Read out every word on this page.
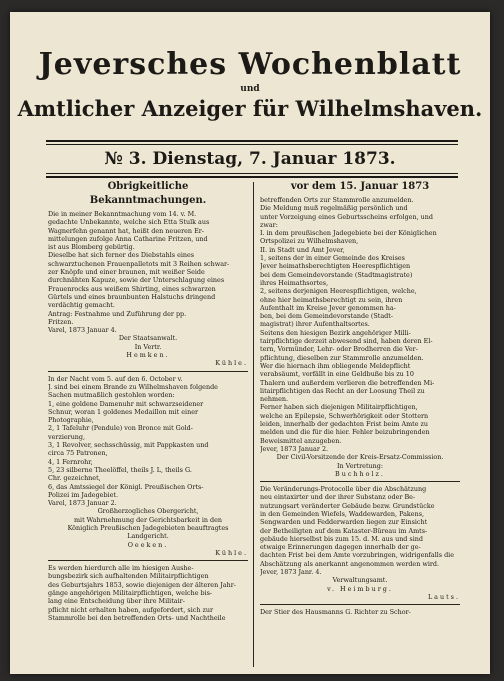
Jeversches Wochenblatt
und
Amtlicher Anzeiger für Wilhelmshaven.
№ 3. Dienstag, 7. Januar 1873.
Obrigkeitliche Bekanntmachungen.
Die in meiner Bekanntmachung vom 14. v. M.
gedachte Unbekannte, welche sich Etta Stulk aus
Wagnerfehn genannt hat, heißt den neueren Er-
mittelungen zufolge Anna Catharine Fritzen, und
ist aus Blomberg gebürtig.
Dieselbe hat sich ferner des Diebstahls eines
schwarztuchenen Frauenpalletots mit 3 Reihen schwar-
zer Knöpfe und einer braunen, mit weißer Seide
durchnähten Kapuze, sowie der Unterschlagung eines
Frauenrocks aus weißem Shirting, eines schwarzen
Gürtels und eines braunbunten Halstuchs dringend
verdächtig gemacht.
Antrag: Festnahme und Zuführung der pp.
Fritzen.
Varel, 1873 Januar 4.
Der Staatsanwalt.
In Vertr.
Hemken.
Kühle.
In der Nacht vom 5. auf den 6. October v.
J. sind bei einem Brande zu Wilhelmshaven folgende
Sachen mutmaßlich gestohlen worden:
1, eine goldene Damenuhr mit schwarzseidener
Schnur, woran 1 goldenes Medaillon mit einer
Photographie,
2, 1 Tafeluhr (Pendule) von Bronce mit Gold-
verzierung,
3, 1 Revolver, sechsschüssig, mit Pappkasten und
circa 75 Patronen,
4, 1 Fernrohr,
5, 23 silberne Theelöffel, theils J. L, theils G.
Chr. gezeichnet,
6, das Amtssiegel der Königl. Preußischen Orts-
Polizei im Jadegebiet.
Varel, 1873 Januar 2.
Großherzogliches Obergericht,
mit Wahrnehmung der Gerichtsbarkeit in den
Königlich Preußischen Jadegebieten beauftragtes
Landgericht.
Oeeken.
Kühle.
Es werden hierdurch alle im hiesigen Aushe-
bungsbezirk sich aufhaltenden Militairpflichtigen
des Geburtsjahrs 1853, sowie diejenigen der älteren Jahr-
gänge angehörigen Militairpflichtigen, welche bis-
lang eine Entscheidung über ihre Militair-
pflicht nicht erhalten haben, aufgefordert, sich zur
Stammrolle bei den betreffenden Orts- und Nachtheile
vor dem 15. Januar 1873
betreffenden Orts zur Stammrolle anzumelden.
Die Meldung muß regelmäßig persönlich und
unter Vorzeigung eines Geburtsscheins erfolgen, und
zwar:
I. in dem preußischen Jadegebiete bei der Königlichen
Ortspolizei zu Wilhelmshaven,
II. in Stadt und Amt Jever,
1, seitens der in einer Gemeinde des Kreises
Jever heimathsberechtigten Heerespflichtigen
bei dem Gemeindevorstande (Stadtmagistrate)
ihres Heimathsortes,
2, seitens derjenigen Heerespflichtigen, welche,
ohne hier heimathsberechtigt zu sein, ihren
Aufenthalt im Kreise Jever genommen ha-
ben, bei dem Gemeindevorstande (Stadt-
magistrat) ihrer Aufenthaltsortes.
Seitens den hiesigen Bezirk angehöriger Milli-
tairpflichtige derzeit abwesend sind, haben deren El-
tern, Vormünder, Lehr- oder Brodherren die Ver-
pflichtung, dieselben zur Stammrolle anzumelden.
Wer die hiernach ihm obliegende Meldepflicht
verabsäumt, verfällt in eine Geldbuße bis zu 10
Thalern und außerdem verlieren die betreffenden Mi-
litairpflichtigen das Recht an der Loosung Theil zu
nehmen.
Ferner haben sich diejenigen Militairpflichtigen,
welche an Epilepsie, Schwerhörigkeit oder Stottern
leiden, innerhalb der gedachten Frist beim Amte zu
melden und die für die hier. Fehler beizubringenden
Beweismittel anzugeben.
Jever, 1873 Januar 2.
Der Civil-Vorsitzende der Kreis-Ersatz-Commission.
In Vertretung:
Buchholz.
Die Veränderungs-Protocolle über die Abschätzung
neu eintaxirter und der ihrer Substanz oder Be-
nutzungsart veränderter Gebäude bezw. Grundstücke
in den Gemeinden Wiefels, Waddewarden, Pakens,
Sengwarden und Fedderwarden liegen zur Einsicht
der Betheiligten auf dem Kataster-Büreau im Amts-
gebäude hierselbst bis zum 15. d. M. aus und sind
etwaige Erinnerungen dagegen innerhalb der ge-
dachten Frist bei dem Amte vorzubringen, widrigenfalls die
Abschätzung als anerkannt angenommen werden wird.
Jever, 1873 Janr. 4.
Verwaltungsamt.
v. Heimburg.
Lauts.
Der Stier des Hausmanns G. Richter zu Schor-
